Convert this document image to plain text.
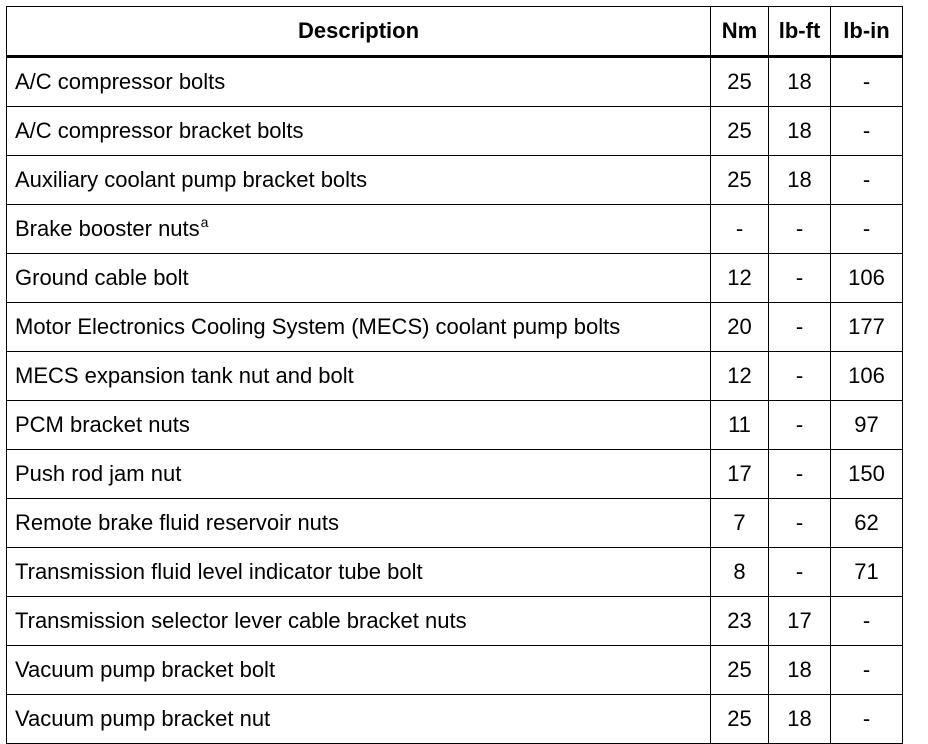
Description	Nm	lb-ft	lb-in
A/C compressor bolts	25	18	-
A/C compressor bracket bolts	25	18	-
Auxiliary coolant pump bracket bolts	25	18	-
Brake booster nuts$^a$	-	-	-
Ground cable bolt	12	-	106
Motor Electronics Cooling System (MECS) coolant pump bolts	20	-	177
MECS expansion tank nut and bolt	12	-	106
PCM bracket nuts	11	-	97
Push rod jam nut	17	-	150
Remote brake fluid reservoir nuts	7	-	62
Transmission fluid level indicator tube bolt	8	-	71
Transmission selector lever cable bracket nuts	23	17	-
Vacuum pump bracket bolt	25	18	-
Vacuum pump bracket nut	25	18	-
